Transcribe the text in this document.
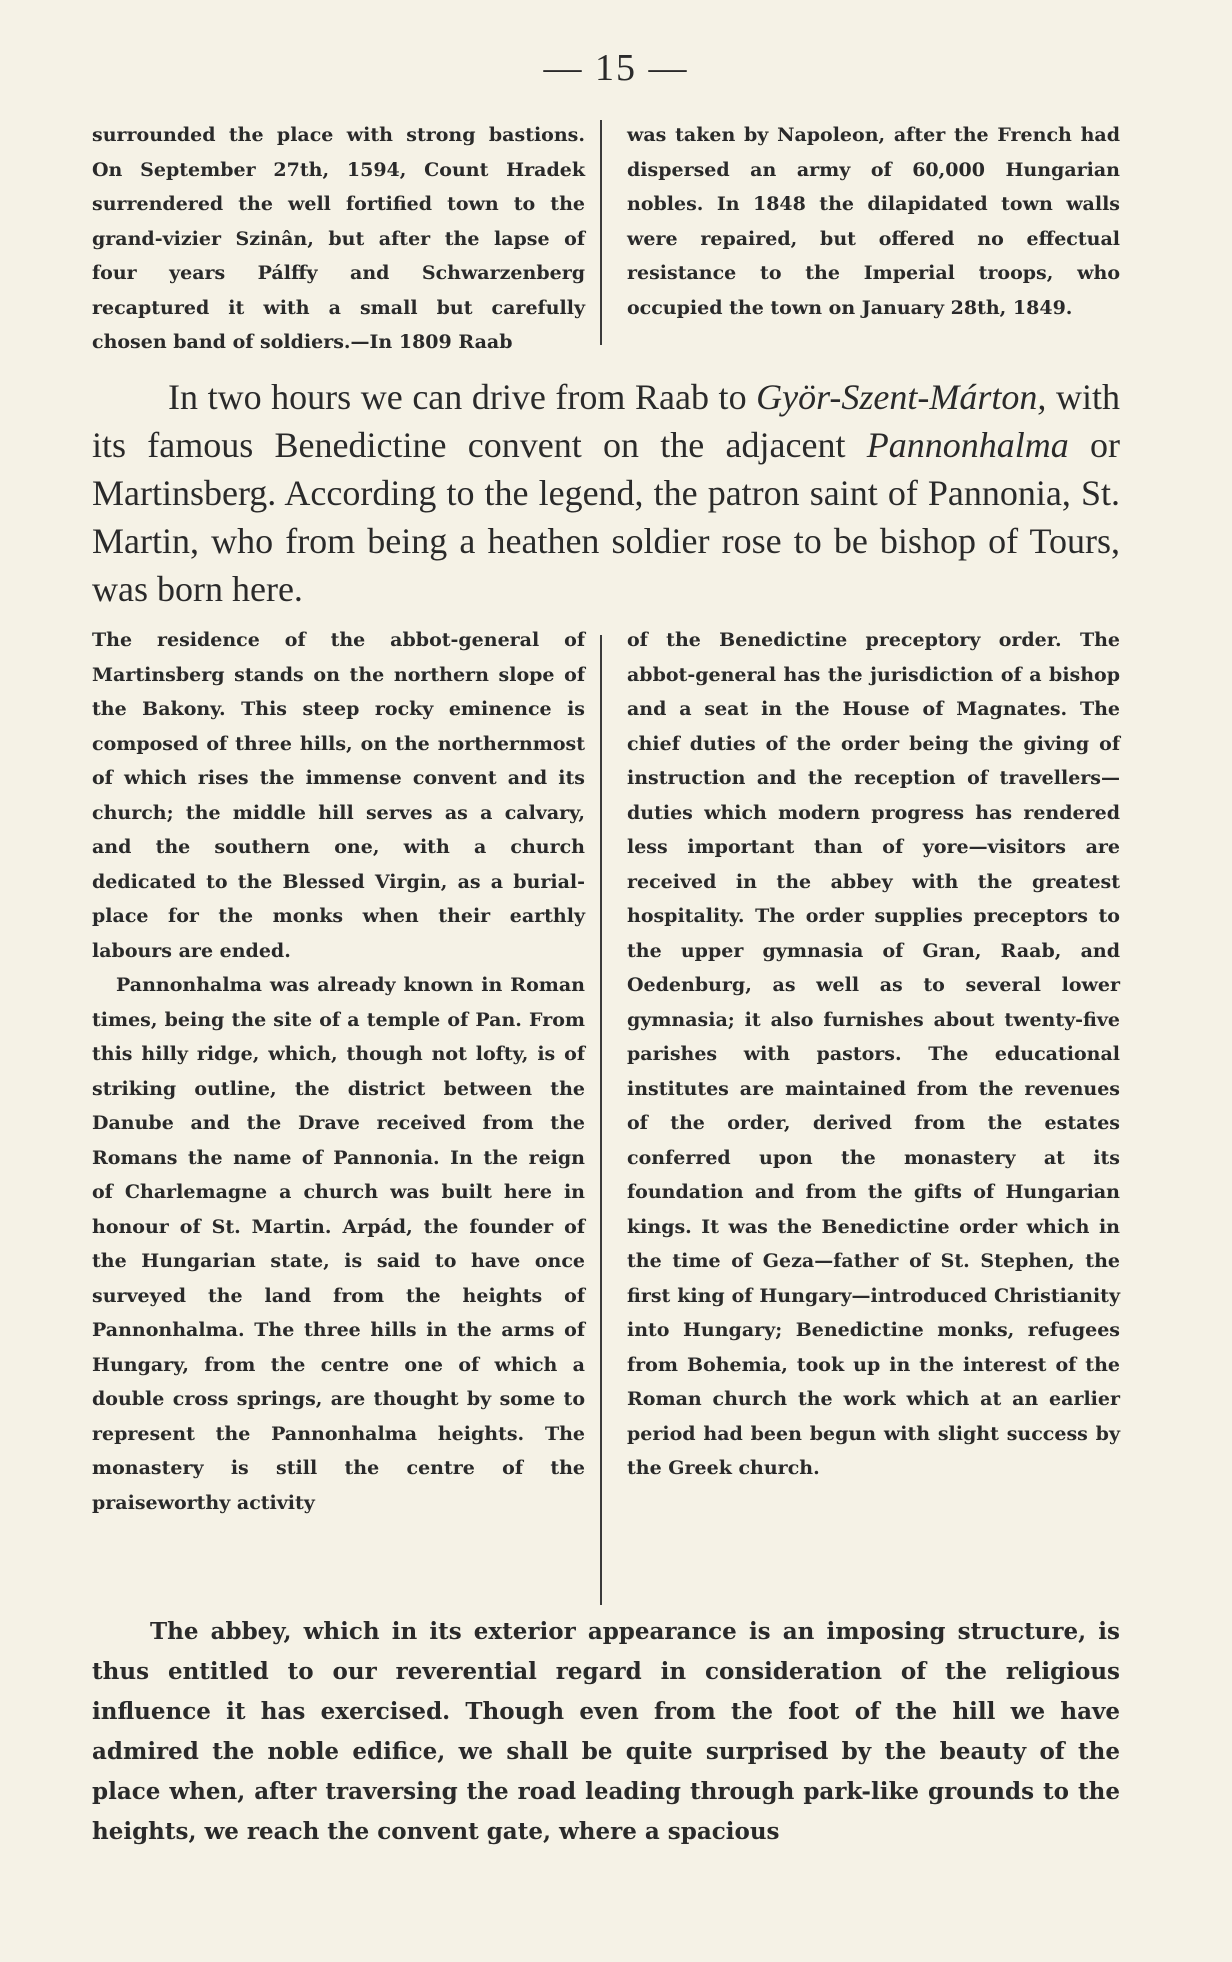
— 15 —

surrounded the place with strong bastions. On September 27th, 1594, Count Hradek surrendered the well fortified town to the grand-vizier Szinân, but after the lapse of four years Pálffy and Schwarzenberg recaptured it with a small but carefully chosen band of soldiers.—In 1809 Raab

was taken by Napoleon, after the French had dispersed an army of 60,000 Hungarian nobles. In 1848 the dilapidated town walls were repaired, but offered no effectual resistance to the Imperial troops, who occupied the town on January 28th, 1849.

In two hours we can drive from Raab to Györ-Szent-Márton, with its famous Benedictine convent on the adjacent Pannonhalma or Martinsberg. According to the legend, the patron saint of Pannonia, St. Martin, who from being a heathen soldier rose to be bishop of Tours, was born here.

The residence of the abbot-general of Martinsberg stands on the northern slope of the Bakony. This steep rocky eminence is composed of three hills, on the northernmost of which rises the immense convent and its church; the middle hill serves as a calvary, and the southern one, with a church dedicated to the Blessed Virgin, as a burial-place for the monks when their earthly labours are ended.

Pannonhalma was already known in Roman times, being the site of a temple of Pan. From this hilly ridge, which, though not lofty, is of striking outline, the district between the Danube and the Drave received from the Romans the name of Pannonia. In the reign of Charlemagne a church was built here in honour of St. Martin. Arpád, the founder of the Hungarian state, is said to have once surveyed the land from the heights of Pannonhalma. The three hills in the arms of Hungary, from the centre one of which a double cross springs, are thought by some to represent the Pannonhalma heights. The monastery is still the centre of the praiseworthy activity

of the Benedictine preceptory order. The abbot-general has the jurisdiction of a bishop and a seat in the House of Magnates. The chief duties of the order being the giving of instruction and the reception of travellers—duties which modern progress has rendered less important than of yore—visitors are received in the abbey with the greatest hospitality. The order supplies preceptors to the upper gymnasia of Gran, Raab, and Oedenburg, as well as to several lower gymnasia; it also furnishes about twenty-five parishes with pastors. The educational institutes are maintained from the revenues of the order, derived from the estates conferred upon the monastery at its foundation and from the gifts of Hungarian kings. It was the Benedictine order which in the time of Geza—father of St. Stephen, the first king of Hungary—introduced Christianity into Hungary; Benedictine monks, refugees from Bohemia, took up in the interest of the Roman church the work which at an earlier period had been begun with slight success by the Greek church.

The abbey, which in its exterior appearance is an imposing structure, is thus entitled to our reverential regard in consideration of the religious influence it has exercised. Though even from the foot of the hill we have admired the noble edifice, we shall be quite surprised by the beauty of the place when, after traversing the road leading through park-like grounds to the heights, we reach the convent gate, where a spacious
